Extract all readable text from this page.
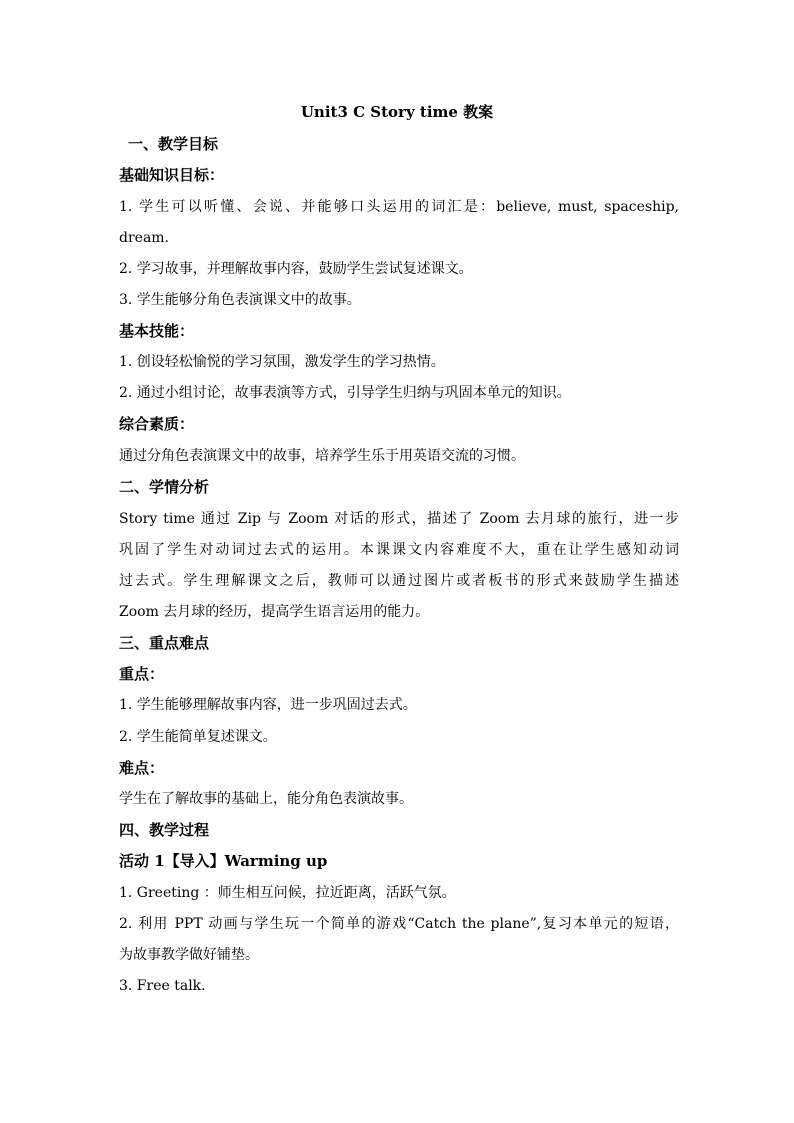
Unit3 C Story time 教案
一、教学目标
基础知识目标：
1. 学生可以听懂、会说、并能够口头运用的词汇是：believe, must, spaceship,
dream.
2. 学习故事，并理解故事内容，鼓励学生尝试复述课文。
3. 学生能够分角色表演课文中的故事。
基本技能：
1. 创设轻松愉悦的学习氛围，激发学生的学习热情。
2. 通过小组讨论，故事表演等方式，引导学生归纳与巩固本单元的知识。
综合素质：
通过分角色表演课文中的故事，培养学生乐于用英语交流的习惯。
二、学情分析
Story time 通过 Zip 与 Zoom 对话的形式，描述了 Zoom 去月球的旅行，进一步
巩固了学生对动词过去式的运用。本课课文内容难度不大，重在让学生感知动词
过去式。学生理解课文之后，教师可以通过图片或者板书的形式来鼓励学生描述
Zoom 去月球的经历，提高学生语言运用的能力。
三、重点难点
重点：
1. 学生能够理解故事内容，进一步巩固过去式。
2. 学生能简单复述课文。
难点：
学生在了解故事的基础上，能分角色表演故事。
四、教学过程
活动 1【导入】Warming up
1. Greeting ：师生相互问候，拉近距离，活跃气氛。
2. 利用 PPT 动画与学生玩一个简单的游戏“Catch the plane”,复习本单元的短语，
为故事教学做好铺垫。
3. Free talk.
